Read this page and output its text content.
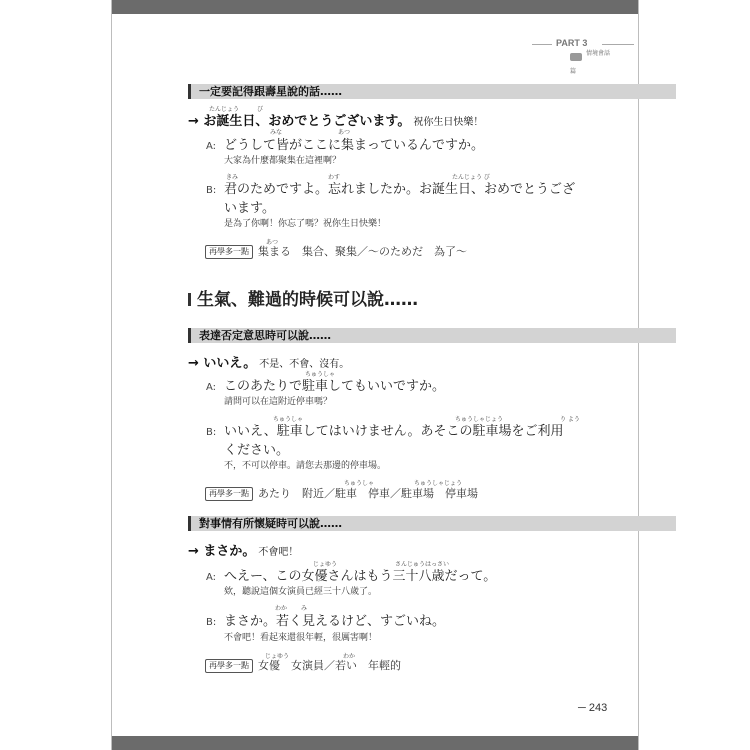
PART 3
情境會話
篇
一定要記得跟壽星說的話……
たんじょう	び
→ お誕生日、おめでとうございます。 祝你生日快樂！
みな	あつ
A: どうして皆がここに集まっているんですか。
大家為什麼都聚集在這裡啊？
きみ	わす	たんじょう び
B: 君のためですよ。忘れましたか。お誕生日、おめでとうござ
います。
是為了你啊！你忘了嗎？祝你生日快樂！
あつ
再學多一點 集まる　集合、聚集／～のためだ　為了～
生氣、難過的時候可以說……
表達否定意思時可以說……
→ いいえ。 不是、不會、沒有。
ちゅうしゃ
A: このあたりで駐車してもいいですか。
請問可以在這附近停車嗎？
ちゅうしゃ	ちゅうしゃじょう	り よう
B: いいえ、駐車してはいけません。あそこの駐車場をご利用
ください。
不，不可以停車。請您去那邊的停車場。
ちゅうしゃ	ちゅうしゃじょう
再學多一點 あたり　附近／駐車　停車／駐車場　停車場
對事情有所懷疑時可以說……
→ まさか。 不會吧！
じょゆう	さんじゅうはっさい
A: へえー、この女優さんはもう三十八歳だって。
欸，聽說這個女演員已經三十八歲了。
わか み
B: まさか。若く見えるけど、すごいね。
不會吧！看起來還很年輕，很厲害啊！
じょゆう	わか
再學多一點 女優　女演員／若い　年輕的
─ 243
